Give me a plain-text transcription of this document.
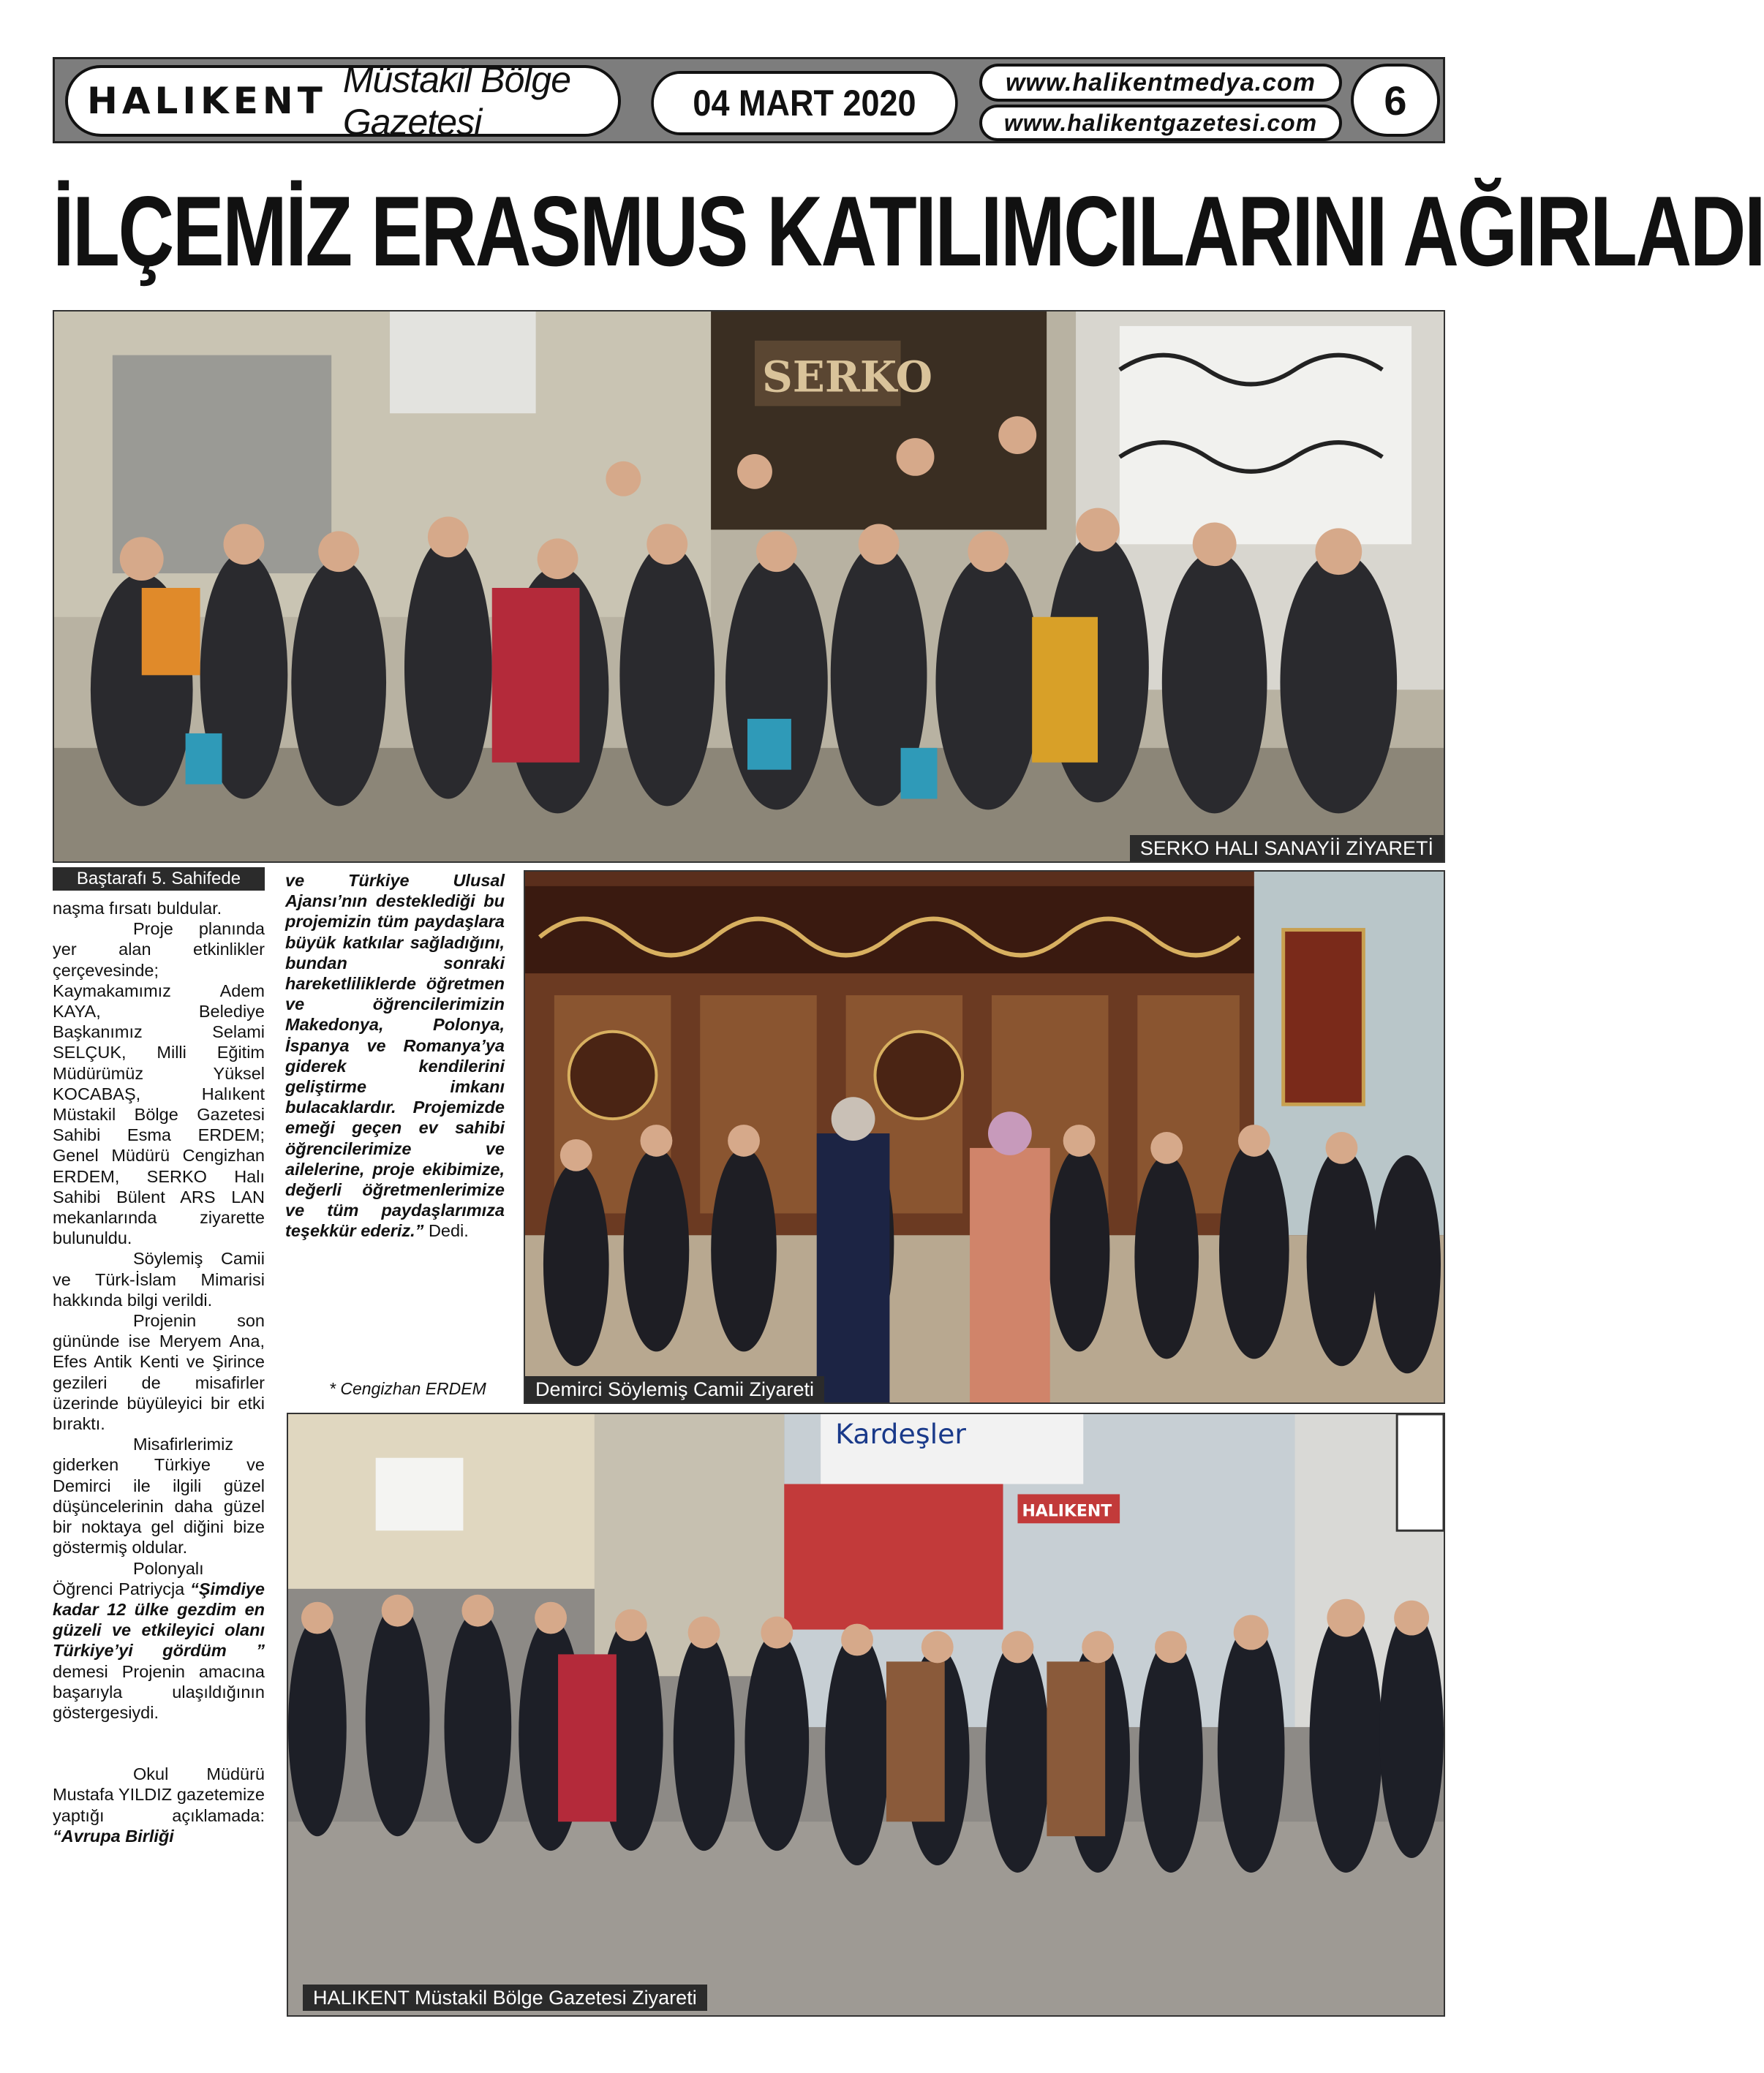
HALIKENT Müstakil Bölge Gazetesi	04 MART 2020
www.halikentmedya.com
www.halikentgazetesi.com	6
İLÇEMİZ ERASMUS KATILIMCILARINI AĞIRLADI
SERKO
SERKO HALI SANAYİİ ZİYARETİ
Demirci Söylemiş Camii Ziyareti
Kardeşler
HALIKENT
HALIKENT Müstakil Bölge Gazetesi Ziyareti
Baştarafı 5. Sahifede

naşma fırsatı buldular.

Proje planında yer alan etkinlikler çerçevesinde; Kaymakamımız Adem KAYA, Belediye Başkanımız Selami SELÇUK, Milli Eğitim Müdürümüz Yüksel KOCABAŞ, Halıkent Müstakil Bölge Gazetesi Sahibi Esma ERDEM; Genel Müdürü Cengizhan ERDEM, SERKO Halı Sahibi Bülent ARS LAN mekanlarında ziyarette bulunuldu.

Söylemiş Camii ve Türk-İslam Mimarisi hakkında bilgi verildi.

Projenin son gününde ise Meryem Ana, Efes Antik Kenti ve Şirince gezileri de misafirler üzerinde büyüleyici bir etki bıraktı.

Misafirlerimiz giderken Türkiye ve Demirci ile ilgili güzel düşüncelerinin daha güzel bir noktaya gel diğini bize göstermiş oldular.

Polonyalı Öğrenci Patriycja “Şimdiye kadar 12 ülke gezdim en güzeli ve etkileyici olanı Türkiye’yi gördüm ” demesi Projenin amacına başarıyla ulaşıldığının göstergesiydi.

Okul Müdürü Mustafa YILDIZ gazetemize yaptığı açıklamada: “Avrupa Birliği

ve Türkiye Ulusal Ajansı’nın desteklediği bu projemizin tüm paydaşlara büyük katkılar sağladığını, bundan sonraki hareketliliklerde öğretmen ve öğrencilerimizin Makedonya, Polonya, İspanya ve Romanya’ya giderek kendilerini geliştirme imkanı bulacaklardır. Projemizde emeği geçen ev sahibi öğrencilerimize ve ailelerine, proje ekibimize, değerli öğretmenlerimize ve tüm paydaşlarımıza teşekkür ederiz.” Dedi.

* Cengizhan ERDEM
